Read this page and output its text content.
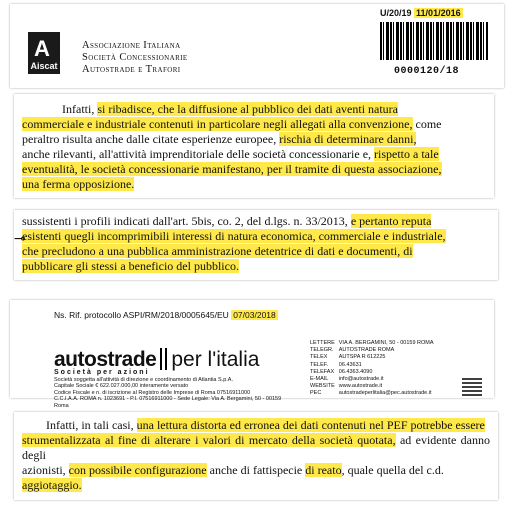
A
Aiscat
Associazione Italiana
Società Concessionarie
Autostrade e Trafori
U/20/19 11/01/2016
0000120/18

Infatti, si ribadisce, che la diffusione al pubblico dei dati aventi natura

commerciale e industriale contenuti in particolare negli allegati alla convenzione, come

peraltro risulta anche dalle citate esperienze europee, rischia di determinare danni,

anche rilevanti, all'attività imprenditoriale delle società concessionarie e, rispetto a tale

eventualità, le società concessionarie manifestano, per il tramite di questa associazione,

una ferma opposizione.

⊸

sussistenti i profili indicati dall'art. 5bis, co. 2, del d.lgs. n. 33/2013, e pertanto reputa

esistenti quegli incomprimibili interessi di natura economica, commerciale e industriale,

che precludono a una pubblica amministrazione detentrice di dati e documenti, di

pubblicare gli stessi a beneficio del pubblico.

Ns. Rif. protocollo ASPI/RM/2018/0005645/EU 07/03/2018
autostrade per l'italia
Società per azioni
Società soggetta all'attività di direzione e coordinamento di Atlantia S.p.A.
Capitale Sociale € 622.027.000,00 interamente versato
Codice Fiscale e n. di iscrizione al Registro delle Imprese di Roma 07516911000
C.C.I.A.A. ROMA n. 1023691 - P.I. 07516911000 - Sede Legale: Via A. Bergamini, 50 - 00159 Roma
LETTERE	VIA A. BERGAMINI, 50 - 00159 ROMA
TELEGR.	AUTOSTRADE ROMA
TELEX	AUTSPA R 612225
TELEF.	06.43631
TELEFAX	06.4363.4090
E-MAIL	info@autostrade.it
WEBSITE	www.autostrade.it
PEC	autostradeperlitalia@pec.autostrade.it

Infatti, in tali casi, una lettura distorta ed erronea dei dati contenuti nel PEF potrebbe essere

strumentalizzata al fine di alterare i valori di mercato della società quotata, ad evidente danno degli

azionisti, con possibile configurazione anche di fattispecie di reato, quale quella del c.d.

aggiotaggio.
